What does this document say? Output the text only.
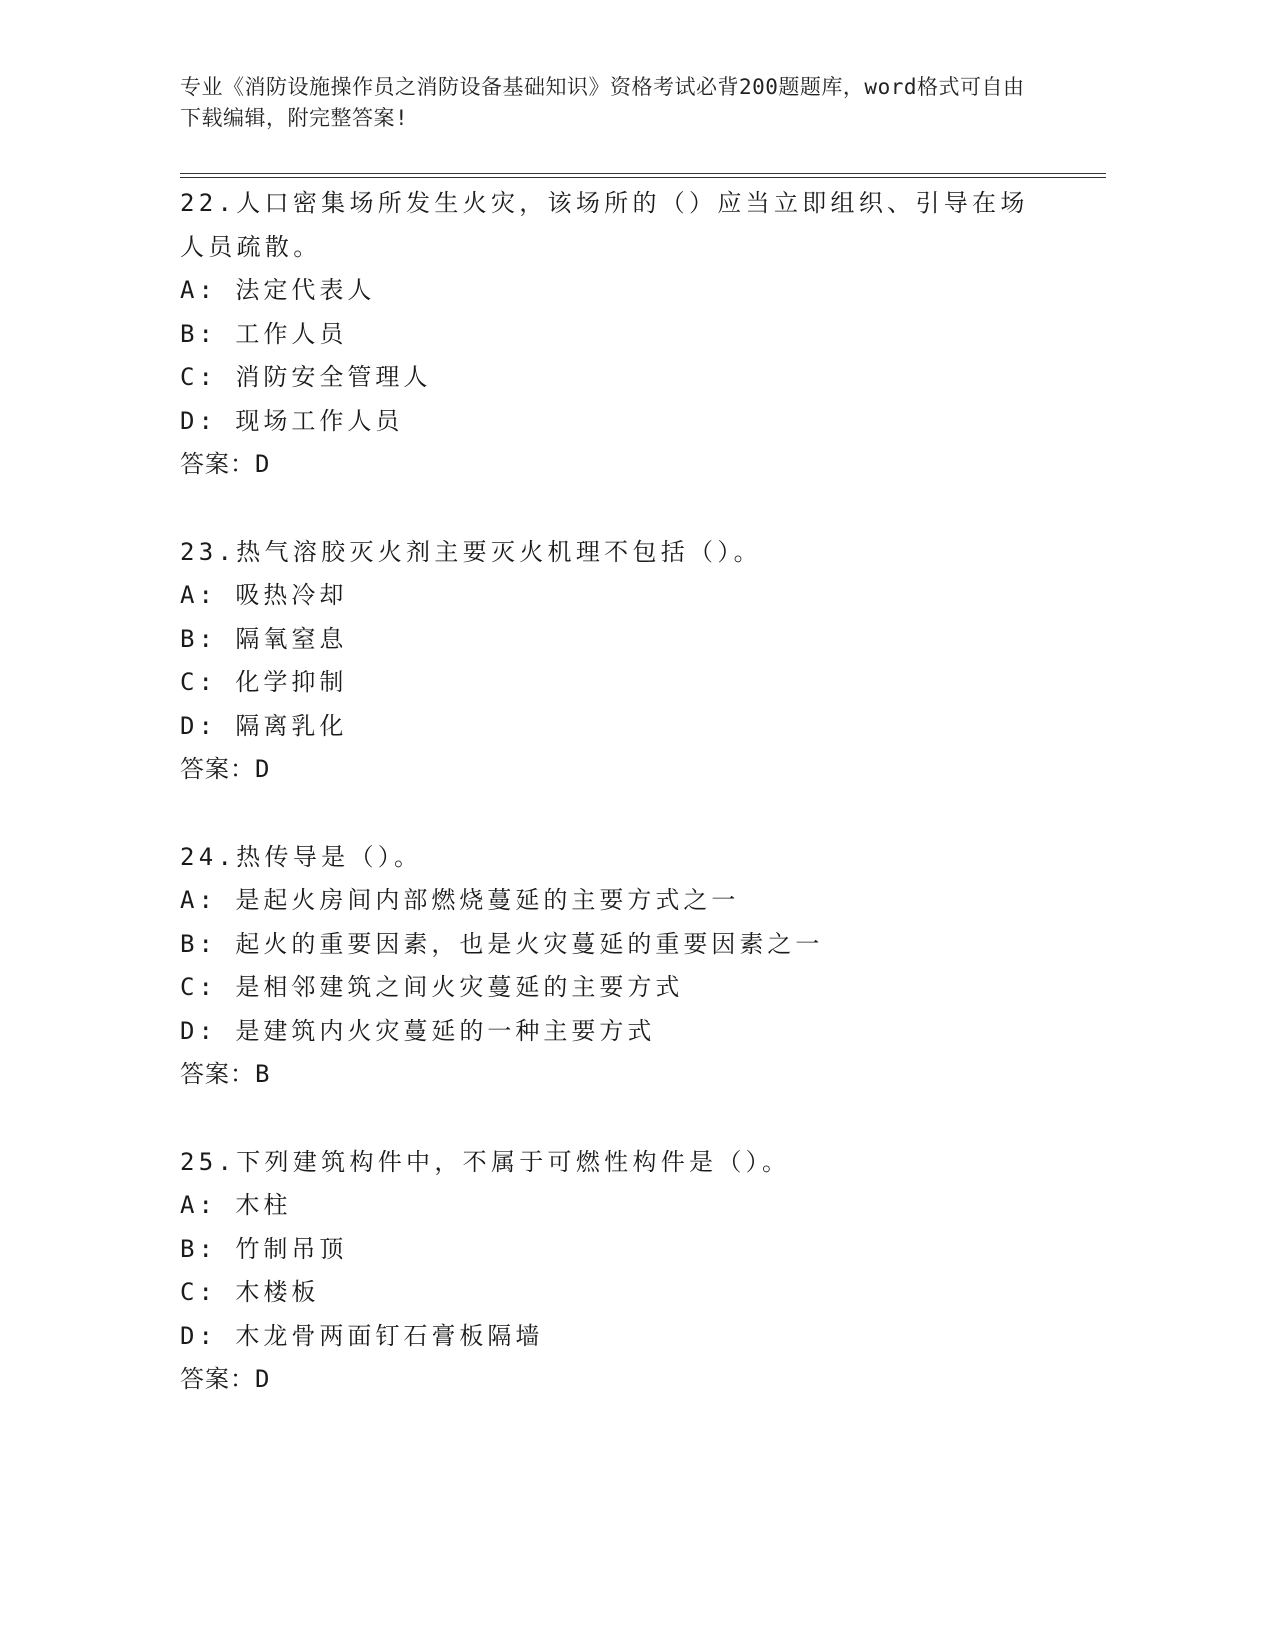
专业《消防设施操作员之消防设备基础知识》资格考试必背200题题库，word格式可自由下载编辑，附完整答案!
22.人口密集场所发生火灾，该场所的（）应当立即组织、引导在场人员疏散。
A: 法定代表人
B: 工作人员
C: 消防安全管理人
D: 现场工作人员
答案：D
23.热气溶胶灭火剂主要灭火机理不包括（）。
A: 吸热冷却
B: 隔氧窒息
C: 化学抑制
D: 隔离乳化
答案：D
24.热传导是（）。
A: 是起火房间内部燃烧蔓延的主要方式之一
B: 起火的重要因素，也是火灾蔓延的重要因素之一
C: 是相邻建筑之间火灾蔓延的主要方式
D: 是建筑内火灾蔓延的一种主要方式
答案：B
25.下列建筑构件中，不属于可燃性构件是（）。
A: 木柱
B: 竹制吊顶
C: 木楼板
D: 木龙骨两面钉石膏板隔墙
答案：D
